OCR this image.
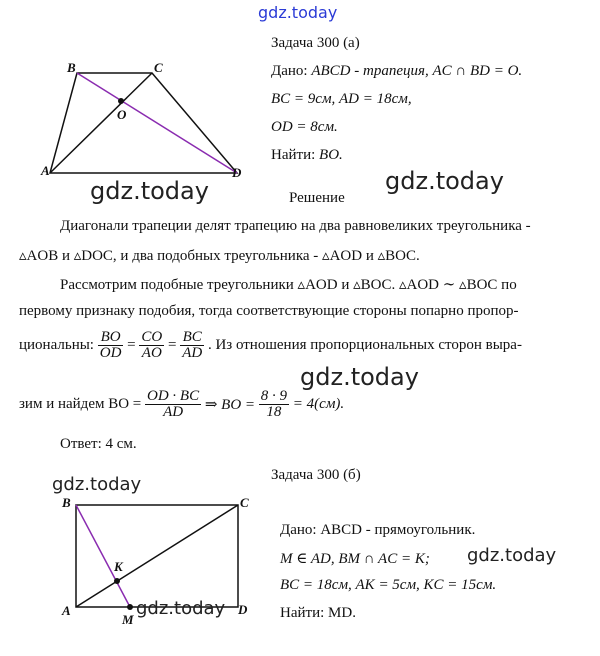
B	C
O
A	D
B	C
K
A
M
D
gdz.today
gdz.today	gdz.today
gdz.today
gdz.today
gdz.today
gdz.today
Задача 300 (а)
Дано: ABCD - трапеция, AC ∩ BD = O.
BC = 9см, AD = 18см,
OD = 8см.
Найти: BO.
Решение
Диагонали трапеции делят трапецию на два равновеликих треугольника -
▵AOB и ▵DOC, и два подобных треугольника - ▵AOD и ▵BOC.
Рассмотрим подобные треугольники ▵AOD и ▵BOC. ▵AOD ∼ ▵BOC по
первому признаку подобия, тогда соответствующие стороны попарно пропор-
циональны: $\frac{BO}{OD} = \frac{CO}{AO} = \frac{BC}{AD}$ . Из отношения пропорциональных сторон выра-
зим и найдем BO = $\frac{OD \cdot BC}{AD}$ ⇒ BO = $\frac{8 \cdot 9}{18} = 4(см)$.
Ответ: 4 см.
Задача 300 (б)
Дано: ABCD - прямоугольник.
M ∈ AD, BM ∩ AC = K;
BC = 18см, AK = 5см, KC = 15см.
Найти: MD.
